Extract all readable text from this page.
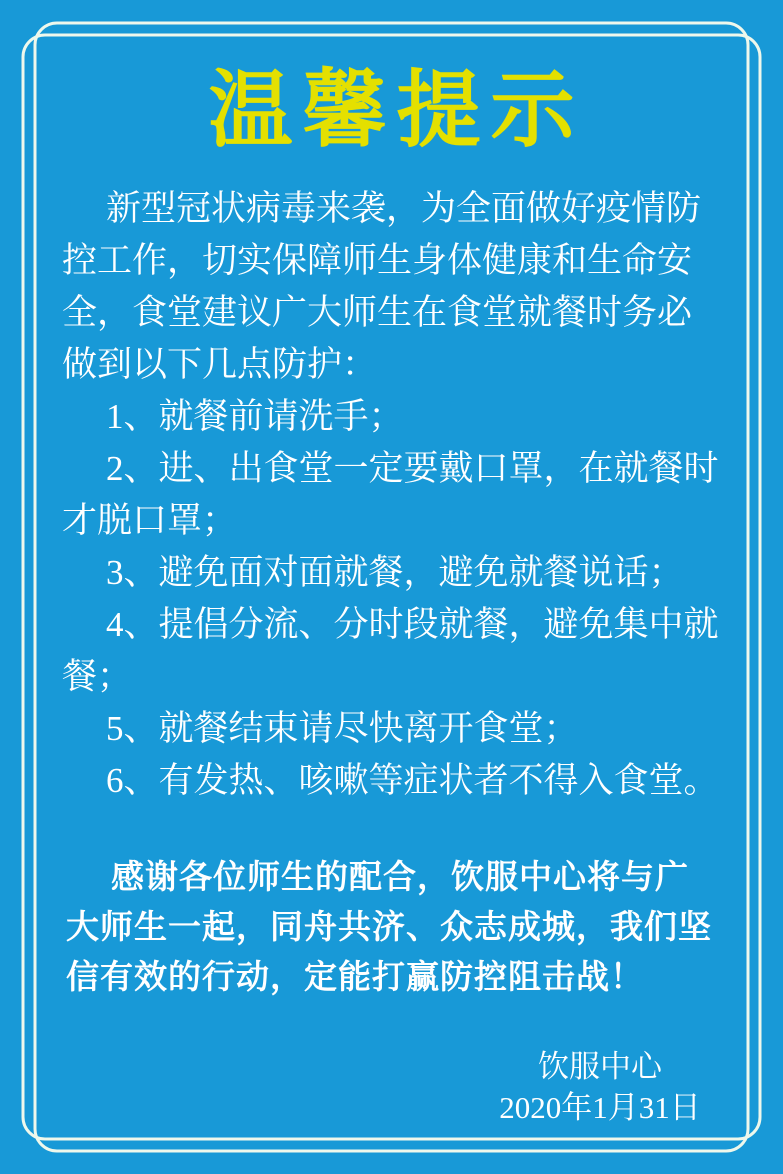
温馨提示

新型冠状病毒来袭，为全面做好疫情防控工作，切实保障师生身体健康和生命安全，食堂建议广大师生在食堂就餐时务必做到以下几点防护：

1、就餐前请洗手；

2、进、出食堂一定要戴口罩，在就餐时才脱口罩；

3、避免面对面就餐，避免就餐说话；

4、提倡分流、分时段就餐，避免集中就餐；

5、就餐结束请尽快离开食堂；

6、有发热、咳嗽等症状者不得入食堂。

感谢各位师生的配合，饮服中心将与广大师生一起，同舟共济、众志成城，我们坚信有效的行动，定能打赢防控阻击战！
饮服中心
2020年1月31日
